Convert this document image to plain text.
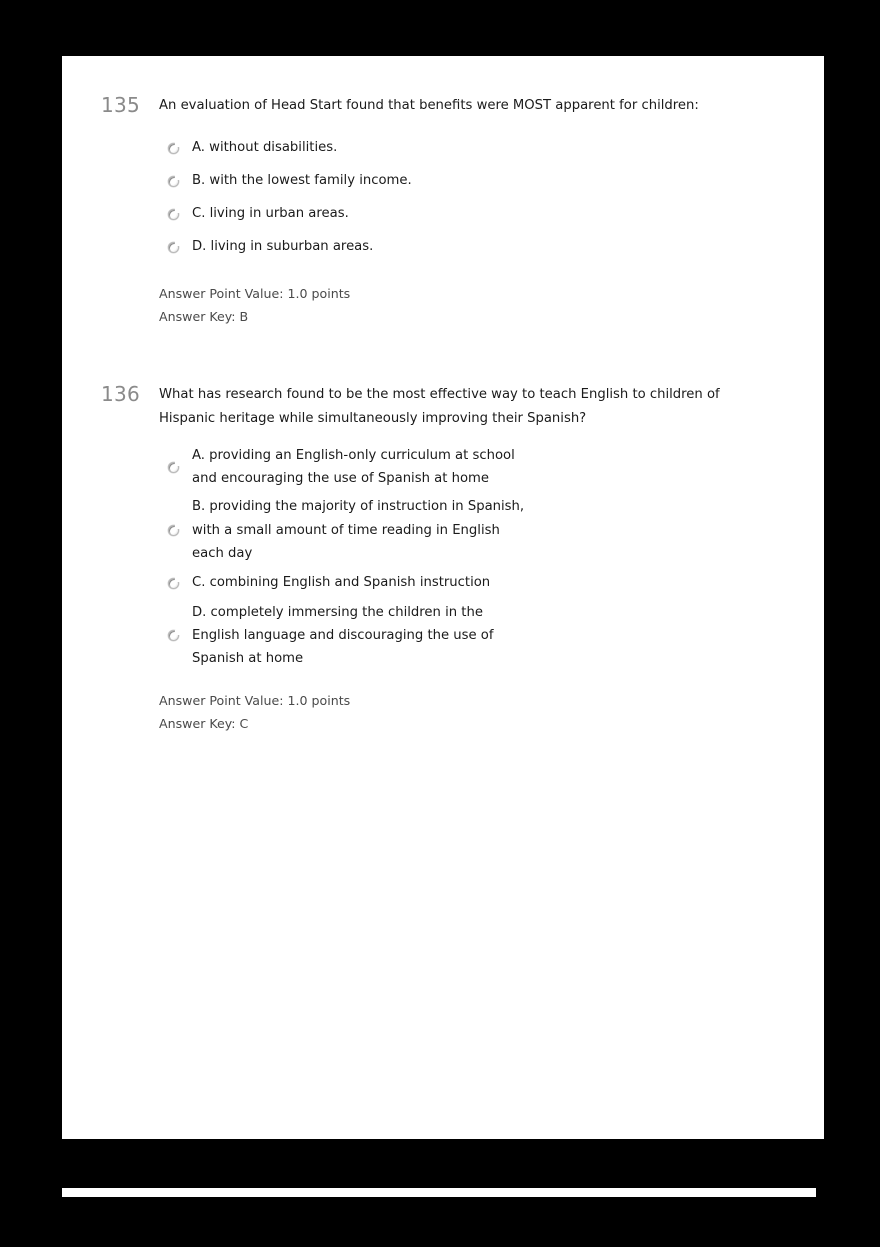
135	An evaluation of Head Start found that benefits were MOST apparent for children:
A. without disabilities.
B. with the lowest family income.
C. living in urban areas.
D. living in suburban areas.
Answer Point Value: 1.0 points
Answer Key: B
136	What has research found to be the most effective way to teach English to children of Hispanic heritage while simultaneously improving their Spanish?
A. providing an English-only curriculum at school and encouraging the use of Spanish at home
B. providing the majority of instruction in Spanish, with a small amount of time reading in English each day
C. combining English and Spanish instruction
D. completely immersing the children in the English language and discouraging the use of Spanish at home
Answer Point Value: 1.0 points
Answer Key: C
